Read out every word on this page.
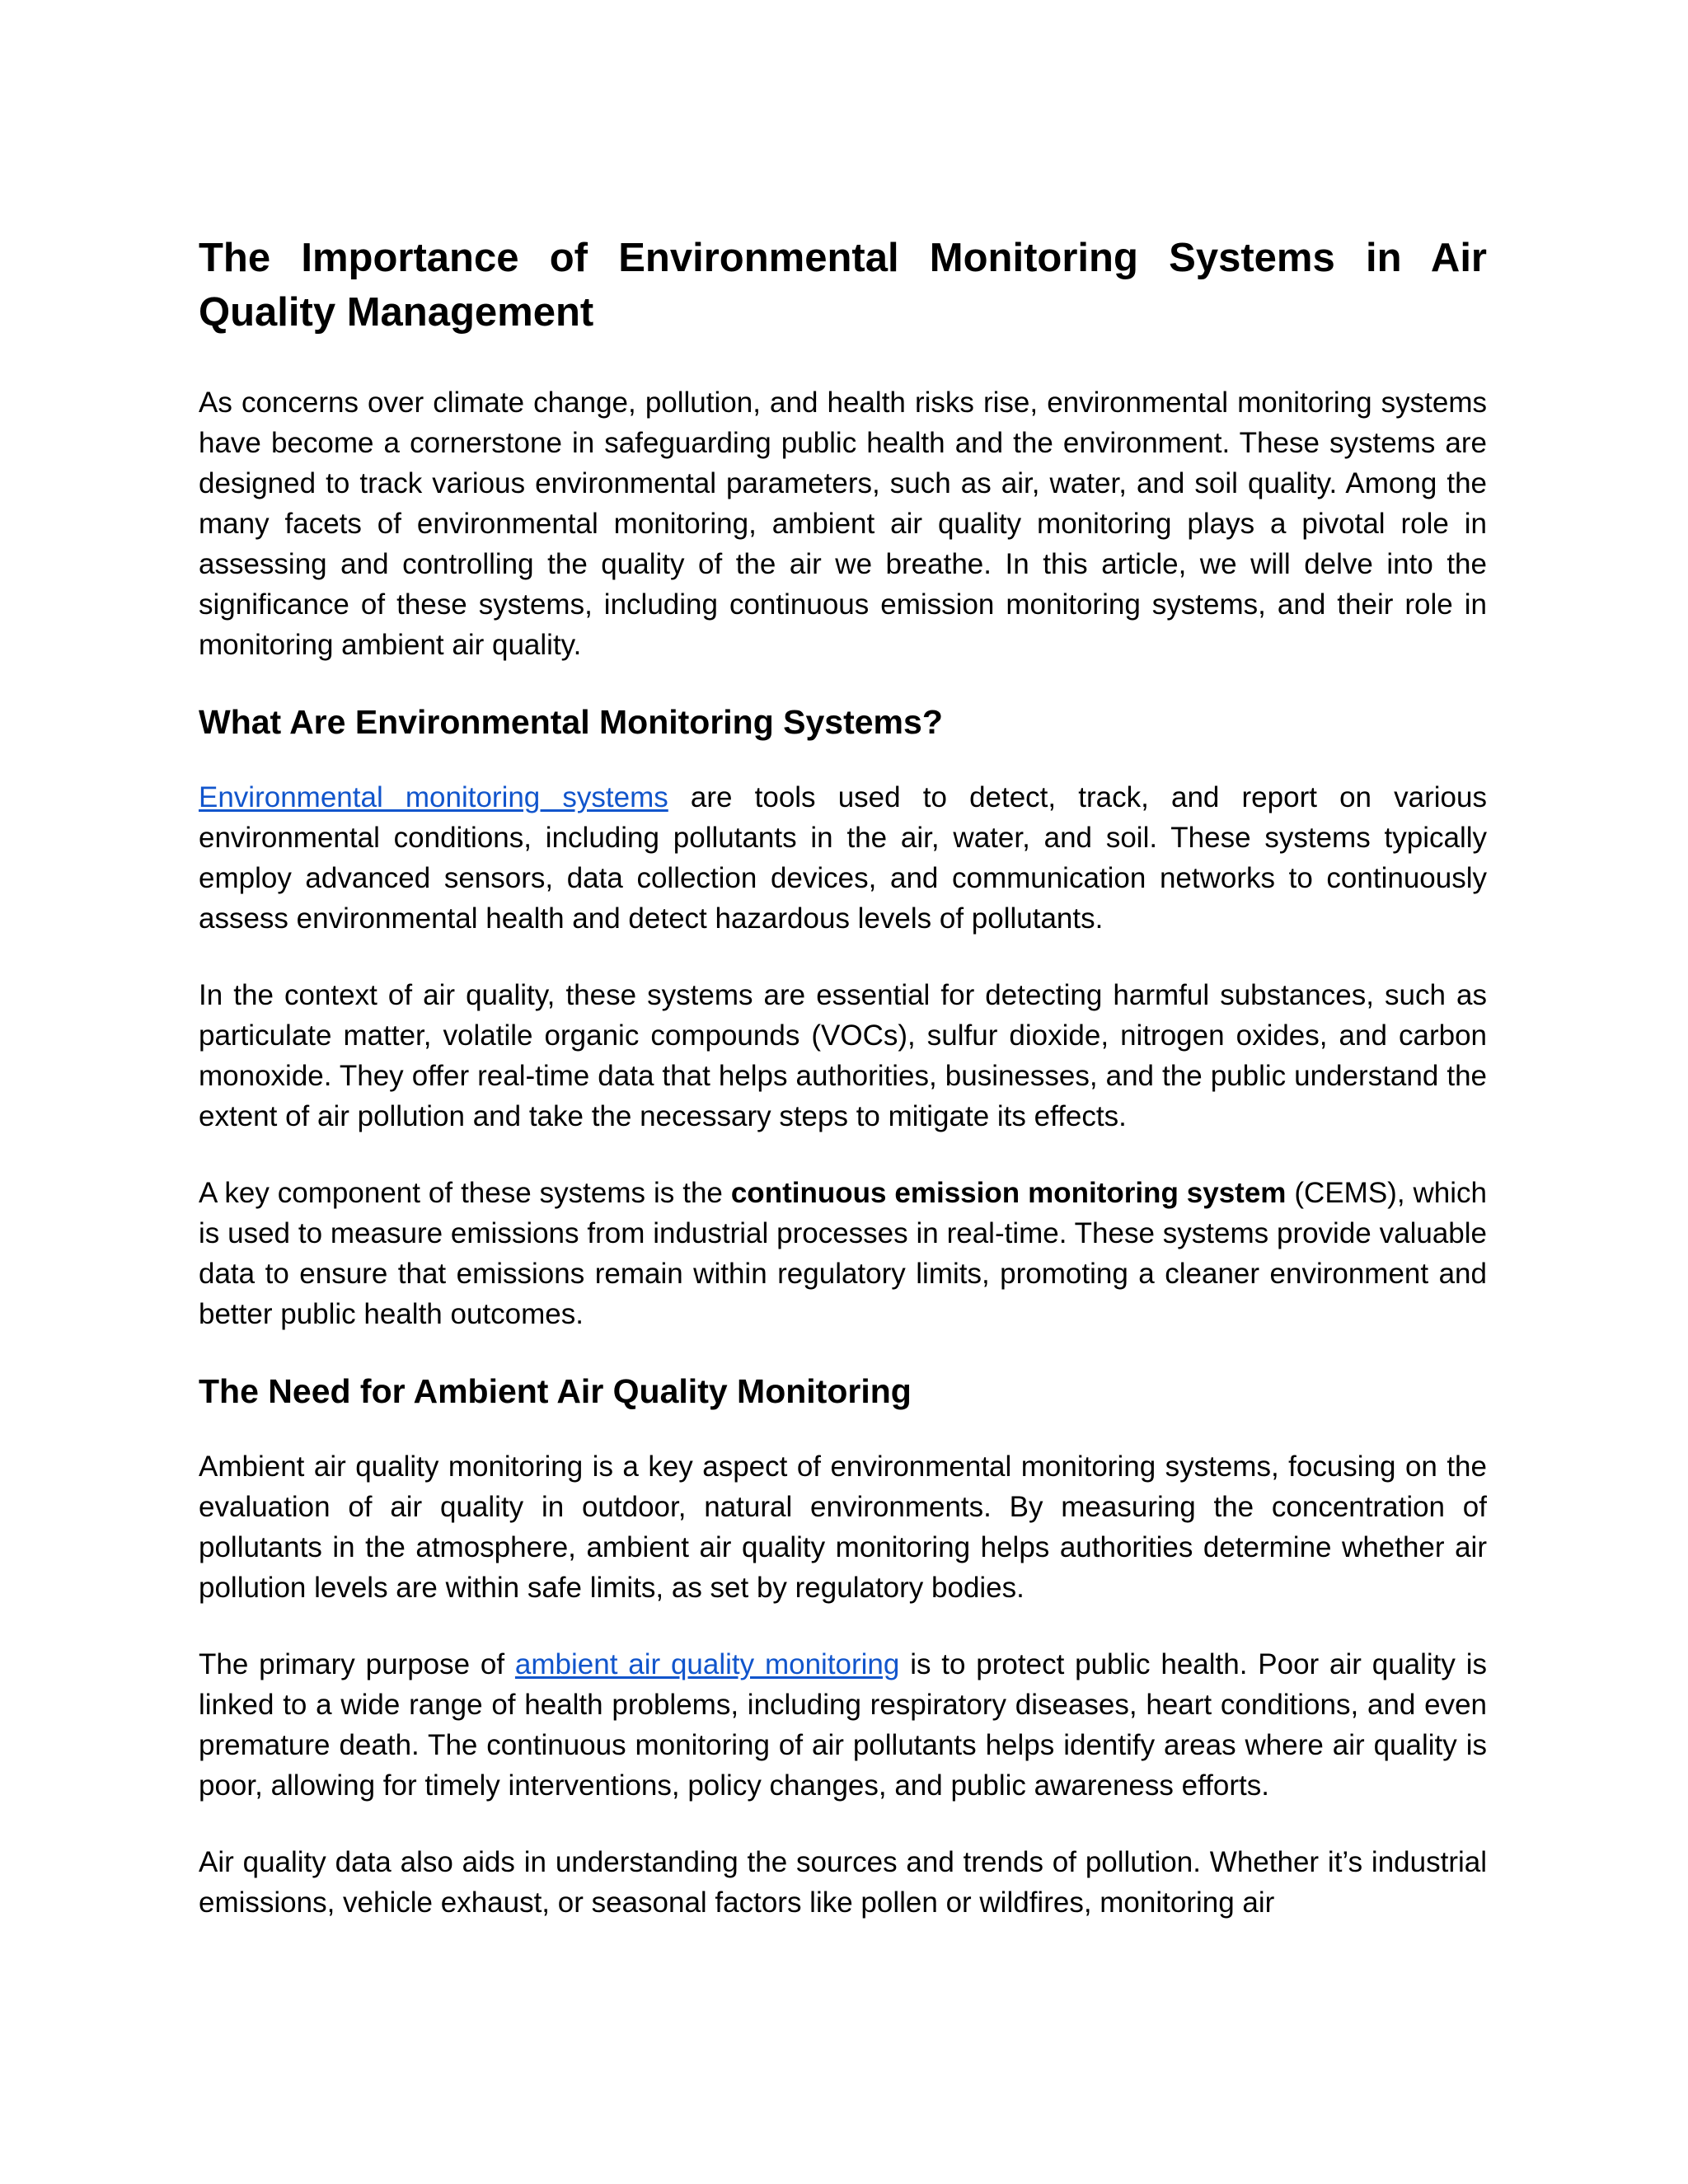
The Importance of Environmental Monitoring Systems in Air Quality Management

As concerns over climate change, pollution, and health risks rise, environmental monitoring systems have become a cornerstone in safeguarding public health and the environment. These systems are designed to track various environmental parameters, such as air, water, and soil quality. Among the many facets of environmental monitoring, ambient air quality monitoring plays a pivotal role in assessing and controlling the quality of the air we breathe. In this article, we will delve into the significance of these systems, including continuous emission monitoring systems, and their role in monitoring ambient air quality.

What Are Environmental Monitoring Systems?

Environmental monitoring systems are tools used to detect, track, and report on various environmental conditions, including pollutants in the air, water, and soil. These systems typically employ advanced sensors, data collection devices, and communication networks to continuously assess environmental health and detect hazardous levels of pollutants.

In the context of air quality, these systems are essential for detecting harmful substances, such as particulate matter, volatile organic compounds (VOCs), sulfur dioxide, nitrogen oxides, and carbon monoxide. They offer real-time data that helps authorities, businesses, and the public understand the extent of air pollution and take the necessary steps to mitigate its effects.

A key component of these systems is the continuous emission monitoring system (CEMS), which is used to measure emissions from industrial processes in real-time. These systems provide valuable data to ensure that emissions remain within regulatory limits, promoting a cleaner environment and better public health outcomes.

The Need for Ambient Air Quality Monitoring

Ambient air quality monitoring is a key aspect of environmental monitoring systems, focusing on the evaluation of air quality in outdoor, natural environments. By measuring the concentration of pollutants in the atmosphere, ambient air quality monitoring helps authorities determine whether air pollution levels are within safe limits, as set by regulatory bodies.

The primary purpose of ambient air quality monitoring is to protect public health. Poor air quality is linked to a wide range of health problems, including respiratory diseases, heart conditions, and even premature death. The continuous monitoring of air pollutants helps identify areas where air quality is poor, allowing for timely interventions, policy changes, and public awareness efforts.

Air quality data also aids in understanding the sources and trends of pollution. Whether it’s industrial emissions, vehicle exhaust, or seasonal factors like pollen or wildfires, monitoring air
